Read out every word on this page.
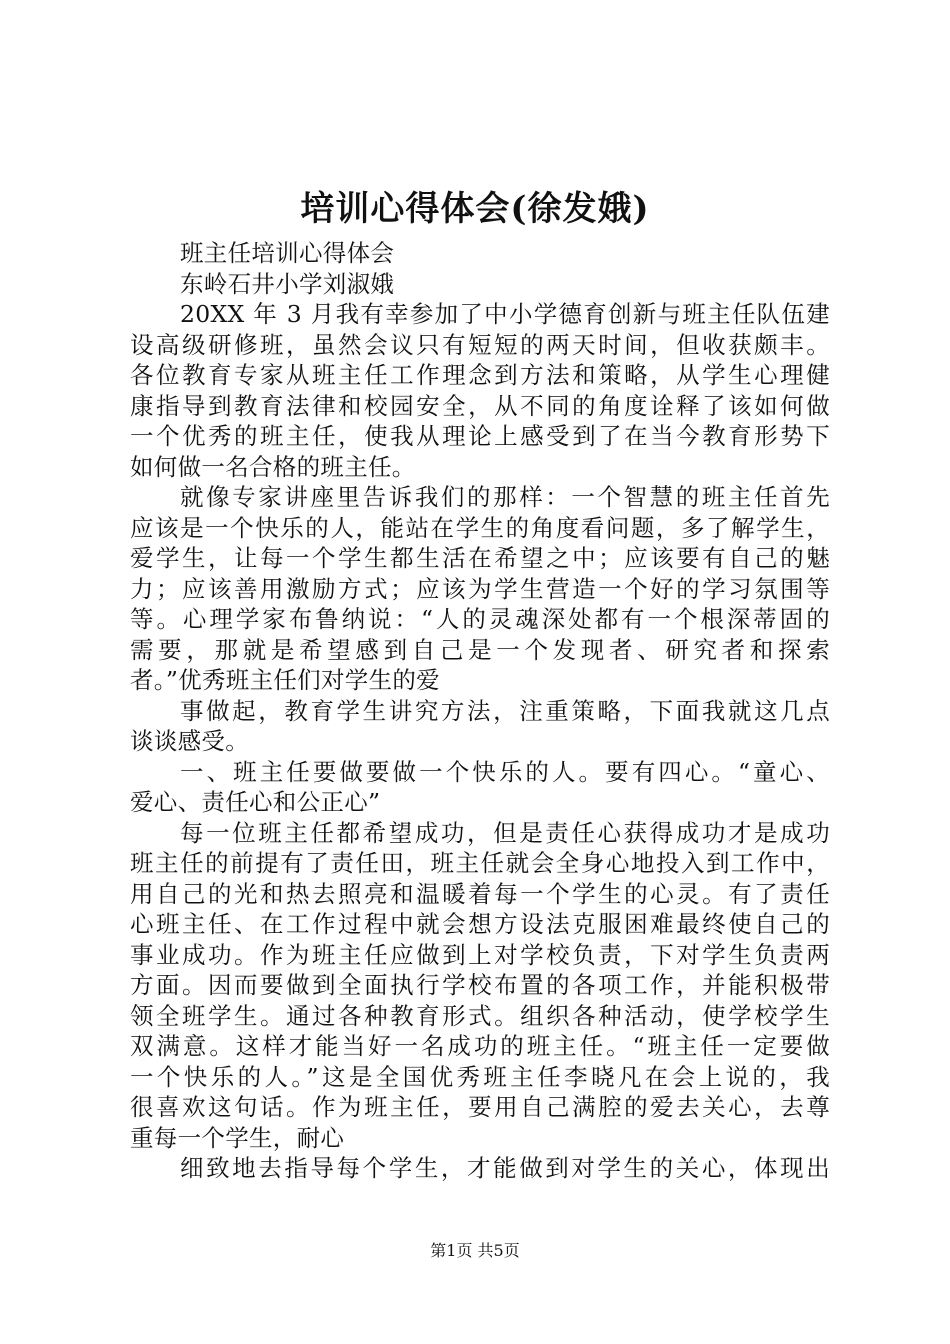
培训心得体会(徐发娥)
班主任培训心得体会
东岭石井小学刘淑娥
20XX 年 3 月我有幸参加了中小学德育创新与班主任队伍建
设高级研修班，虽然会议只有短短的两天时间，但收获颇丰。
各位教育专家从班主任工作理念到方法和策略，从学生心理健
康指导到教育法律和校园安全，从不同的角度诠释了该如何做
一个优秀的班主任，使我从理论上感受到了在当今教育形势下
如何做一名合格的班主任。
就像专家讲座里告诉我们的那样：一个智慧的班主任首先
应该是一个快乐的人，能站在学生的角度看问题，多了解学生，
爱学生，让每一个学生都生活在希望之中；应该要有自己的魅
力；应该善用激励方式；应该为学生营造一个好的学习氛围等
等。心理学家布鲁纳说：“人的灵魂深处都有一个根深蒂固的
需要，那就是希望感到自己是一个发现者、研究者和探索
者。”优秀班主任们对学生的爱
事做起，教育学生讲究方法，注重策略，下面我就这几点
谈谈感受。
一、班主任要做要做一个快乐的人。要有四心。“童心、
爱心、责任心和公正心”
每一位班主任都希望成功，但是责任心获得成功才是成功
班主任的前提有了责任田，班主任就会全身心地投入到工作中，
用自己的光和热去照亮和温暖着每一个学生的心灵。有了责任
心班主任、在工作过程中就会想方设法克服困难最终使自己的
事业成功。作为班主任应做到上对学校负责，下对学生负责两
方面。因而要做到全面执行学校布置的各项工作，并能积极带
领全班学生。通过各种教育形式。组织各种活动，使学校学生
双满意。这样才能当好一名成功的班主任。“班主任一定要做
一个快乐的人。”这是全国优秀班主任李晓凡在会上说的，我
很喜欢这句话。作为班主任，要用自己满腔的爱去关心，去尊
重每一个学生，耐心
细致地去指导每个学生，才能做到对学生的关心，体现出
第1页 共5页
